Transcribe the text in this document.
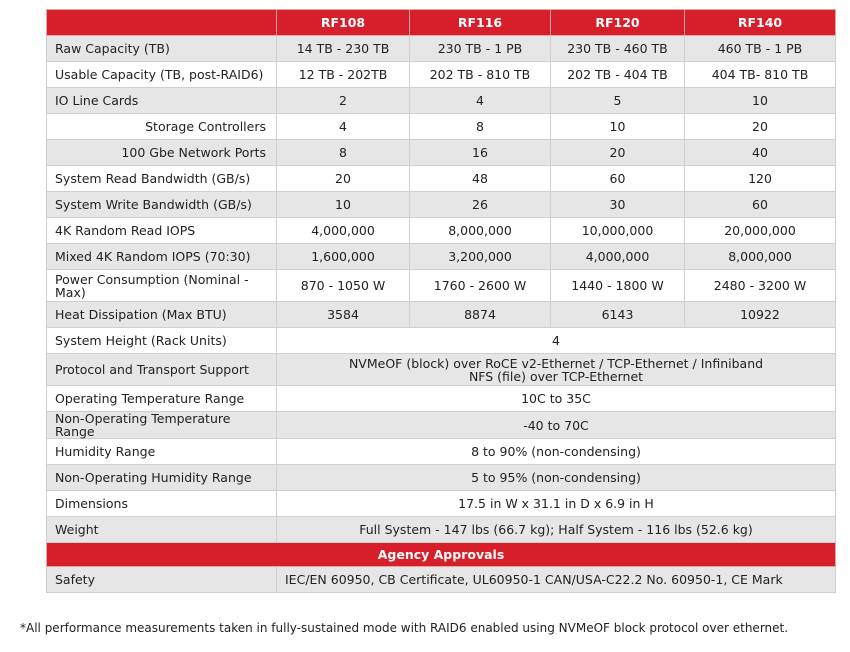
	RF108	RF116	RF120	RF140
Raw Capacity (TB)	14 TB - 230 TB	230 TB - 1 PB	230 TB - 460 TB	460 TB - 1 PB
Usable Capacity (TB, post-RAID6)	12 TB - 202TB	202 TB - 810 TB	202 TB - 404 TB	404 TB- 810 TB
IO Line Cards	2	4	5	10
Storage Controllers	4	8	10	20
100 Gbe Network Ports	8	16	20	40
System Read Bandwidth (GB/s)	20	48	60	120
System Write Bandwidth (GB/s)	10	26	30	60
4K Random Read IOPS	4,000,000	8,000,000	10,000,000	20,000,000
Mixed 4K Random IOPS (70:30)	1,600,000	3,200,000	4,000,000	8,000,000
Power Consumption (Nominal - Max)	870 - 1050 W	1760 - 2600 W	1440 - 1800 W	2480 - 3200 W
Heat Dissipation (Max BTU)	3584	8874	6143	10922
System Height (Rack Units)	4			
Protocol and Transport Support	NVMeOF (block) over RoCE v2-Ethernet / TCP-Ethernet / Infiniband
NFS (file) over TCP-Ethernet			

Operating Temperature Range	10C to 35C			
Non-Operating Temperature Range	-40 to 70C			
Humidity Range	8 to 90% (non-condensing)			
Non-Operating Humidity Range	5 to 95% (non-condensing)			
Dimensions	17.5 in W x 31.1 in D x 6.9 in H			
Weight	Full System - 147 lbs (66.7 kg); Half System - 116 lbs (52.6 kg)			
Agency Approvals				
Safety	IEC/EN 60950, CB Certificate, UL60950-1 CAN/USA-C22.2 No. 60950-1, CE Mark			
*All performance measurements taken in fully-sustained mode with RAID6 enabled using NVMeOF block protocol over ethernet.
